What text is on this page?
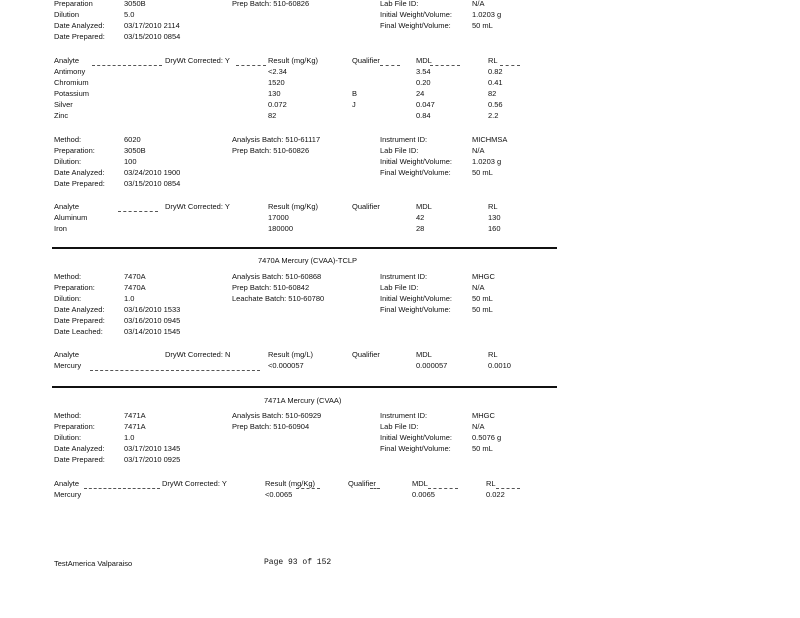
Preparation	3050B	Prep Batch: 510-60826	Lab File ID:	N/A
Dilution	5.0	Initial Weight/Volume:	1.0203 g
Date Analyzed:	03/17/2010 2114	Final Weight/Volume:	50 mL
Date Prepared:	03/15/2010 0854
Analyte	DryWt Corrected: Y	Result (mg/Kg)	Qualifier	MDL	RL
Antimony	<2.34	3.54	0.82
Chromium	1520	0.20	0.41
Potassium	130	B	24	82
Silver	0.072	J	0.047	0.56
Zinc	82	0.84	2.2
Method:	6020	Analysis Batch: 510-61117	Instrument ID:	MICHMSA
Preparation:	3050B	Prep Batch: 510-60826	Lab File ID:	N/A
Dilution:	100	Initial Weight/Volume:	1.0203 g
Date Analyzed:	03/24/2010 1900	Final Weight/Volume:	50 mL
Date Prepared:	03/15/2010 0854
Analyte	DryWt Corrected: Y	Result (mg/Kg)	Qualifier	MDL	RL
Aluminum	17000	42	130
Iron	180000	28	160
7470A Mercury (CVAA)-TCLP
Method:	7470A	Analysis Batch: 510-60868	Instrument ID:	MHGC
Preparation:	7470A	Prep Batch: 510-60842	Lab File ID:	N/A
Dilution:	1.0	Leachate Batch: 510-60780	Initial Weight/Volume:	50 mL
Date Analyzed:	03/16/2010 1533	Final Weight/Volume:	50 mL
Date Prepared:	03/16/2010 0945
Date Leached:	03/14/2010 1545
Analyte	DryWt Corrected: N	Result (mg/L)	Qualifier	MDL	RL
Mercury	<0.000057	0.000057	0.0010
7471A Mercury (CVAA)
Method:	7471A	Analysis Batch: 510-60929	Instrument ID:	MHGC
Preparation:	7471A	Prep Batch: 510-60904	Lab File ID:	N/A
Dilution:	1.0	Initial Weight/Volume:	0.5076 g
Date Analyzed:	03/17/2010 1345	Final Weight/Volume:	50 mL
Date Prepared:	03/17/2010 0925
Analyte	DryWt Corrected: Y	Result (mg/Kg)	Qualifier	MDL	RL
Mercury	<0.0065	0.0065	0.022
TestAmerica Valparaiso	Page 93 of 152
